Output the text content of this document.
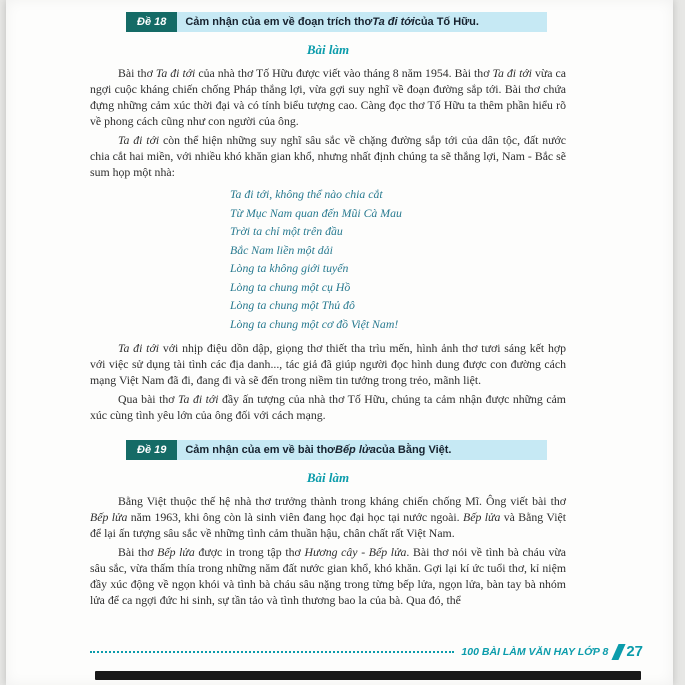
Đề 18	Cảm nhận của em về đoạn trích thơ Ta đi tới của Tố Hữu.
Bài làm

Bài thơ Ta đi tới của nhà thơ Tố Hữu được viết vào tháng 8 năm 1954. Bài thơ Ta đi tới vừa ca ngợi cuộc kháng chiến chống Pháp thắng lợi, vừa gợi suy nghĩ về đoạn đường sắp tới. Bài thơ chứa đựng những cảm xúc thời đại và có tính biểu tượng cao. Càng đọc thơ Tố Hữu ta thêm phần hiểu rõ về phong cách cũng như con người của ông.

Ta đi tới còn thể hiện những suy nghĩ sâu sắc về chặng đường sắp tới của dân tộc, đất nước chia cắt hai miền, với nhiều khó khăn gian khổ, nhưng nhất định chúng ta sẽ thắng lợi, Nam - Bắc sẽ sum họp một nhà:

Ta đi tới, không thể nào chia cắt
Từ Mục Nam quan đến Mũi Cà Mau
Trời ta chỉ một trên đầu
Bắc Nam liền một dải
Lòng ta không giới tuyến
Lòng ta chung một cụ Hồ
Lòng ta chung một Thủ đô
Lòng ta chung một cơ đồ Việt Nam!

Ta đi tới với nhịp điệu dồn dập, giọng thơ thiết tha trìu mến, hình ảnh thơ tươi sáng kết hợp với việc sử dụng tài tình các địa danh..., tác giả đã giúp người đọc hình dung được con đường cách mạng Việt Nam đã đi, đang đi và sẽ đến trong niềm tin tưởng trong trẻo, mãnh liệt.

Qua bài thơ Ta đi tới đầy ấn tượng của nhà thơ Tố Hữu, chúng ta cảm nhận được những cảm xúc cùng tình yêu lớn của ông đối với cách mạng.

Đề 19	Cảm nhận của em về bài thơ Bếp lửa của Bằng Việt.
Bài làm

Bằng Việt thuộc thế hệ nhà thơ trưởng thành trong kháng chiến chống Mĩ. Ông viết bài thơ Bếp lửa năm 1963, khi ông còn là sinh viên đang học đại học tại nước ngoài. Bếp lửa và Bằng Việt để lại ấn tượng sâu sắc về những tình cảm thuần hậu, chân chất rất Việt Nam.

Bài thơ Bếp lửa được in trong tập thơ Hương cây - Bếp lửa. Bài thơ nói về tình bà cháu vừa sâu sắc, vừa thấm thía trong những năm đất nước gian khổ, khó khăn. Gợi lại kí ức tuổi thơ, kỉ niệm đầy xúc động về ngọn khói và tình bà cháu sâu nặng trong từng bếp lửa, ngọn lửa, bàn tay bà nhóm lửa để ca ngợi đức hi sinh, sự tần tảo và tình thương bao la của bà. Qua đó, thể

100 BÀI LÀM VĂN HAY LỚP 8 27
